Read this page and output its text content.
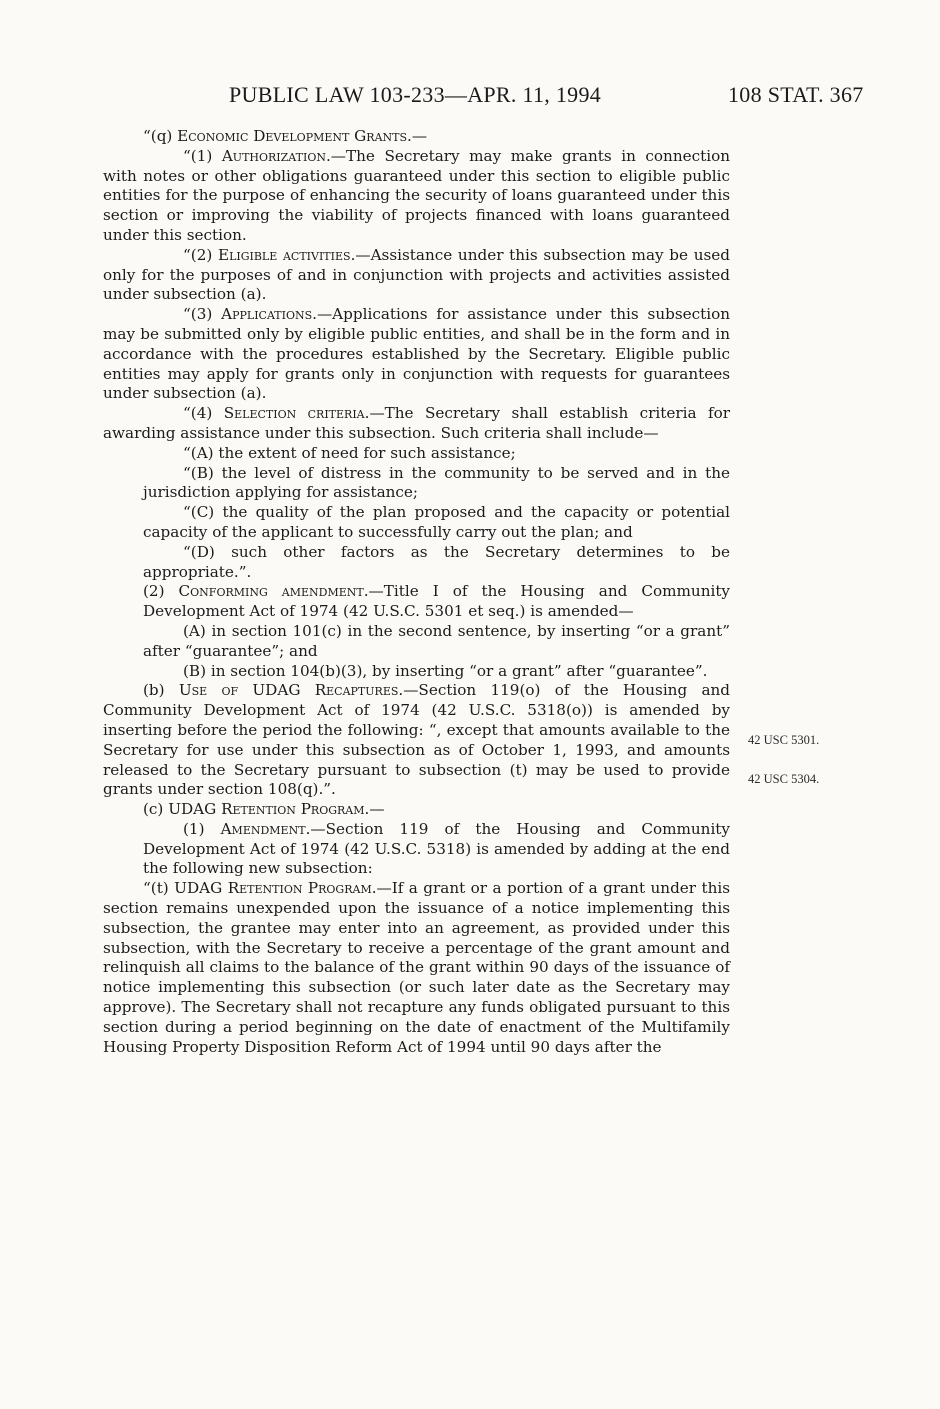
PUBLIC LAW 103-233—APR. 11, 1994	108 STAT. 367

“(q) Economic Development Grants.—

“(1) Authorization.—The Secretary may make grants in connection with notes or other obligations guaranteed under this section to eligible public entities for the purpose of enhancing the security of loans guaranteed under this section or improving the viability of projects financed with loans guaranteed under this section.

“(2) Eligible activities.—Assistance under this subsection may be used only for the purposes of and in conjunction with projects and activities assisted under subsection (a).

“(3) Applications.—Applications for assistance under this subsection may be submitted only by eligible public entities, and shall be in the form and in accordance with the procedures established by the Secretary. Eligible public entities may apply for grants only in conjunction with requests for guarantees under subsection (a).

“(4) Selection criteria.—The Secretary shall establish criteria for awarding assistance under this subsection. Such criteria shall include—

“(A) the extent of need for such assistance;

“(B) the level of distress in the community to be served and in the jurisdiction applying for assistance;

“(C) the quality of the plan proposed and the capacity or potential capacity of the applicant to successfully carry out the plan; and

“(D) such other factors as the Secretary determines to be appropriate.”.

(2) Conforming amendment.—Title I of the Housing and Community Development Act of 1974 (42 U.S.C. 5301 et seq.) is amended—

(A) in section 101(c) in the second sentence, by inserting “or a grant” after “guarantee”; and

(B) in section 104(b)(3), by inserting “or a grant” after “guarantee”.

(b) Use of UDAG Recaptures.—Section 119(o) of the Housing and Community Development Act of 1974 (42 U.S.C. 5318(o)) is amended by inserting before the period the following: “, except that amounts available to the Secretary for use under this subsection as of October 1, 1993, and amounts released to the Secretary pursuant to subsection (t) may be used to provide grants under section 108(q).”.

(c) UDAG Retention Program.—

(1) Amendment.—Section 119 of the Housing and Community Development Act of 1974 (42 U.S.C. 5318) is amended by adding at the end the following new subsection:

“(t) UDAG Retention Program.—If a grant or a portion of a grant under this section remains unexpended upon the issuance of a notice implementing this subsection, the grantee may enter into an agreement, as provided under this subsection, with the Secretary to receive a percentage of the grant amount and relinquish all claims to the balance of the grant within 90 days of the issuance of notice implementing this subsection (or such later date as the Secretary may approve). The Secretary shall not recapture any funds obligated pursuant to this section during a period beginning on the date of enactment of the Multifamily Housing Property Disposition Reform Act of 1994 until 90 days after the

42 USC 5301.
42 USC 5304.
